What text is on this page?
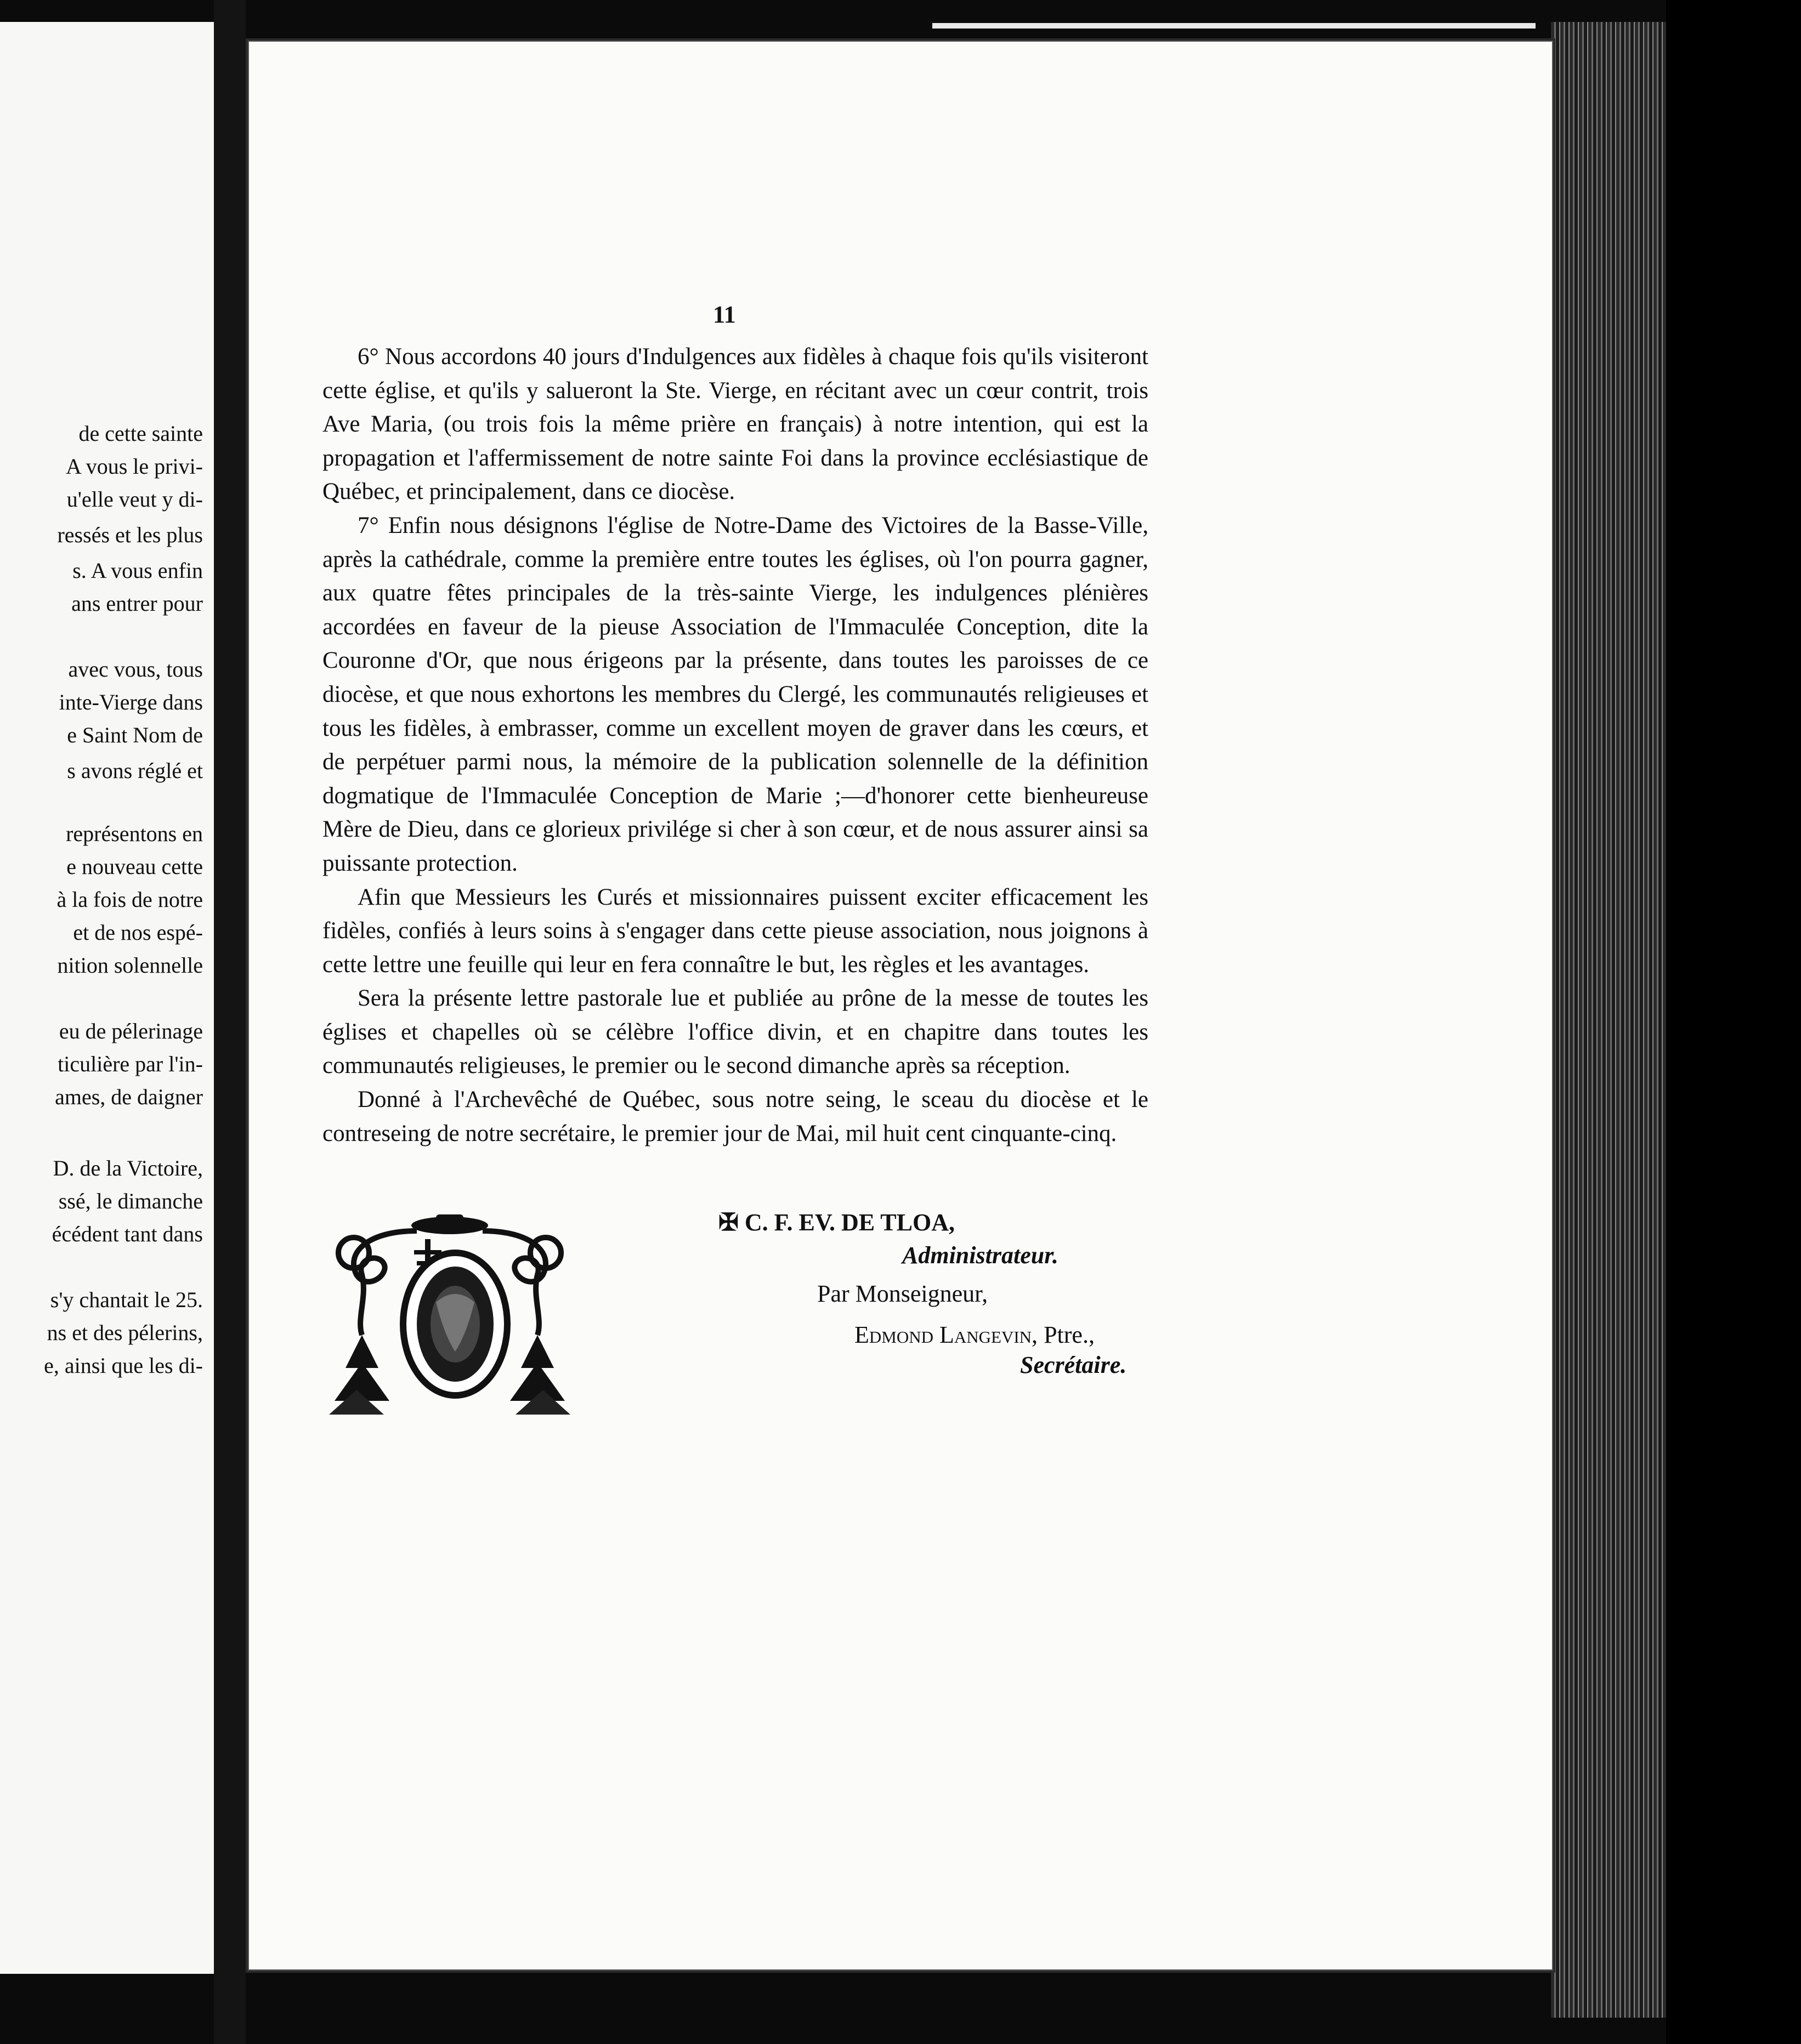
de cette sainte
A vous le privi-
u'elle veut y di-
ressés et les plus
s. A vous enfin
ans entrer pour
avec vous, tous
inte-Vierge dans
e Saint Nom de
s avons réglé et
représentons en
e nouveau cette
à la fois de notre
et de nos espé-
nition solennelle
eu de pélerinage
ticulière par l'in-
ames, de daigner
D. de la Victoire,
ssé, le dimanche
écédent tant dans
s'y chantait le 25.
ns et des pélerins,
e, ainsi que les di-
11

6° Nous accordons 40 jours d'Indulgences aux fidèles à chaque fois qu'ils visiteront cette église, et qu'ils y salueront la Ste. Vierge, en récitant avec un cœur contrit, trois Ave Maria, (ou trois fois la même prière en français) à notre intention, qui est la propagation et l'affermissement de notre sainte Foi dans la province ecclésiastique de Québec, et principalement, dans ce diocèse.

7° Enfin nous désignons l'église de Notre-Dame des Victoires de la Basse-Ville, après la cathédrale, comme la première entre toutes les églises, où l'on pourra gagner, aux quatre fêtes principales de la très-sainte Vierge, les indulgences plénières accordées en faveur de la pieuse Association de l'Immaculée Conception, dite la Couronne d'Or, que nous érigeons par la présente, dans toutes les paroisses de ce diocèse, et que nous exhortons les membres du Clergé, les communautés religieuses et tous les fidèles, à embrasser, comme un excellent moyen de graver dans les cœurs, et de perpétuer parmi nous, la mémoire de la publication solennelle de la définition dogmatique de l'Immaculée Conception de Marie ;—d'honorer cette bienheureuse Mère de Dieu, dans ce glorieux privilége si cher à son cœur, et de nous assurer ainsi sa puissante protection.

Afin que Messieurs les Curés et missionnaires puissent exciter efficacement les fidèles, confiés à leurs soins à s'engager dans cette pieuse association, nous joignons à cette lettre une feuille qui leur en fera connaître le but, les règles et les avantages.

Sera la présente lettre pastorale lue et publiée au prône de la messe de toutes les églises et chapelles où se célèbre l'office divin, et en chapitre dans toutes les communautés religieuses, le premier ou le second dimanche après sa réception.

Donné à l'Archevêché de Québec, sous notre seing, le sceau du diocèse et le contreseing de notre secrétaire, le premier jour de Mai, mil huit cent cinquante-cinq.

✠ C. F. EV. DE TLOA,
Administrateur.
Par Monseigneur,
Edmond Langevin, Ptre.,
Secrétaire.
